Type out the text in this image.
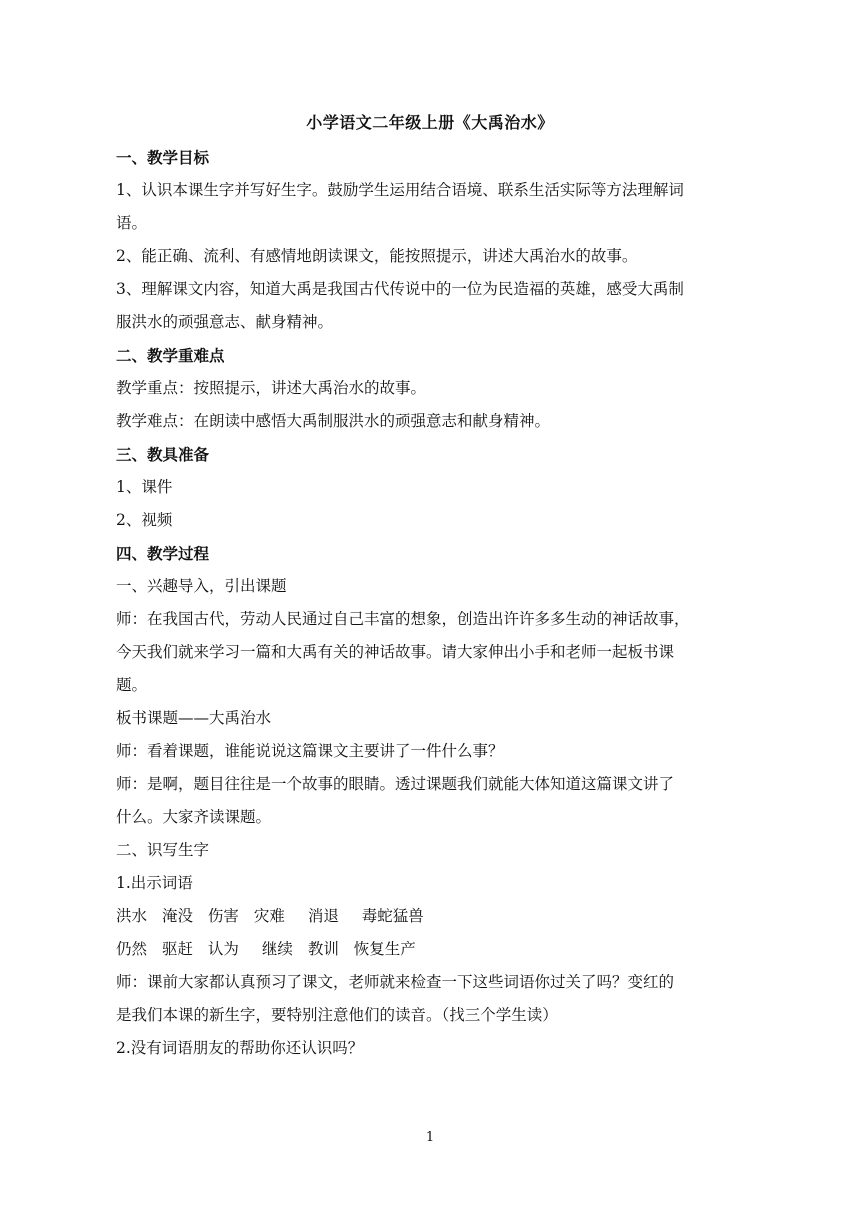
小学语文二年级上册《大禹治水》
一、教学目标
1、认识本课生字并写好生字。鼓励学生运用结合语境、联系生活实际等方法理解词
语。
2、能正确、流利、有感情地朗读课文，能按照提示，讲述大禹治水的故事。
3、理解课文内容，知道大禹是我国古代传说中的一位为民造福的英雄，感受大禹制
服洪水的顽强意志、献身精神。
二、教学重难点
教学重点：按照提示，讲述大禹治水的故事。
教学难点：在朗读中感悟大禹制服洪水的顽强意志和献身精神。
三、教具准备
1、课件
2、视频
四、教学过程
一、兴趣导入，引出课题
师：在我国古代，劳动人民通过自己丰富的想象，创造出许许多多生动的神话故事，
今天我们就来学习一篇和大禹有关的神话故事。请大家伸出小手和老师一起板书课
题。
板书课题——大禹治水
师：看着课题，谁能说说这篇课文主要讲了一件什么事？
师：是啊，题目往往是一个故事的眼睛。透过课题我们就能大体知道这篇课文讲了
什么。大家齐读课题。
二、识写生字
1.出示词语
洪水 淹没 伤害 灾难 消退 毒蛇猛兽
仍然 驱赶 认为 继续 教训 恢复生产
师：课前大家都认真预习了课文，老师就来检查一下这些词语你过关了吗？变红的
是我们本课的新生字，要特别注意他们的读音。（找三个学生读）
2.没有词语朋友的帮助你还认识吗？
1
